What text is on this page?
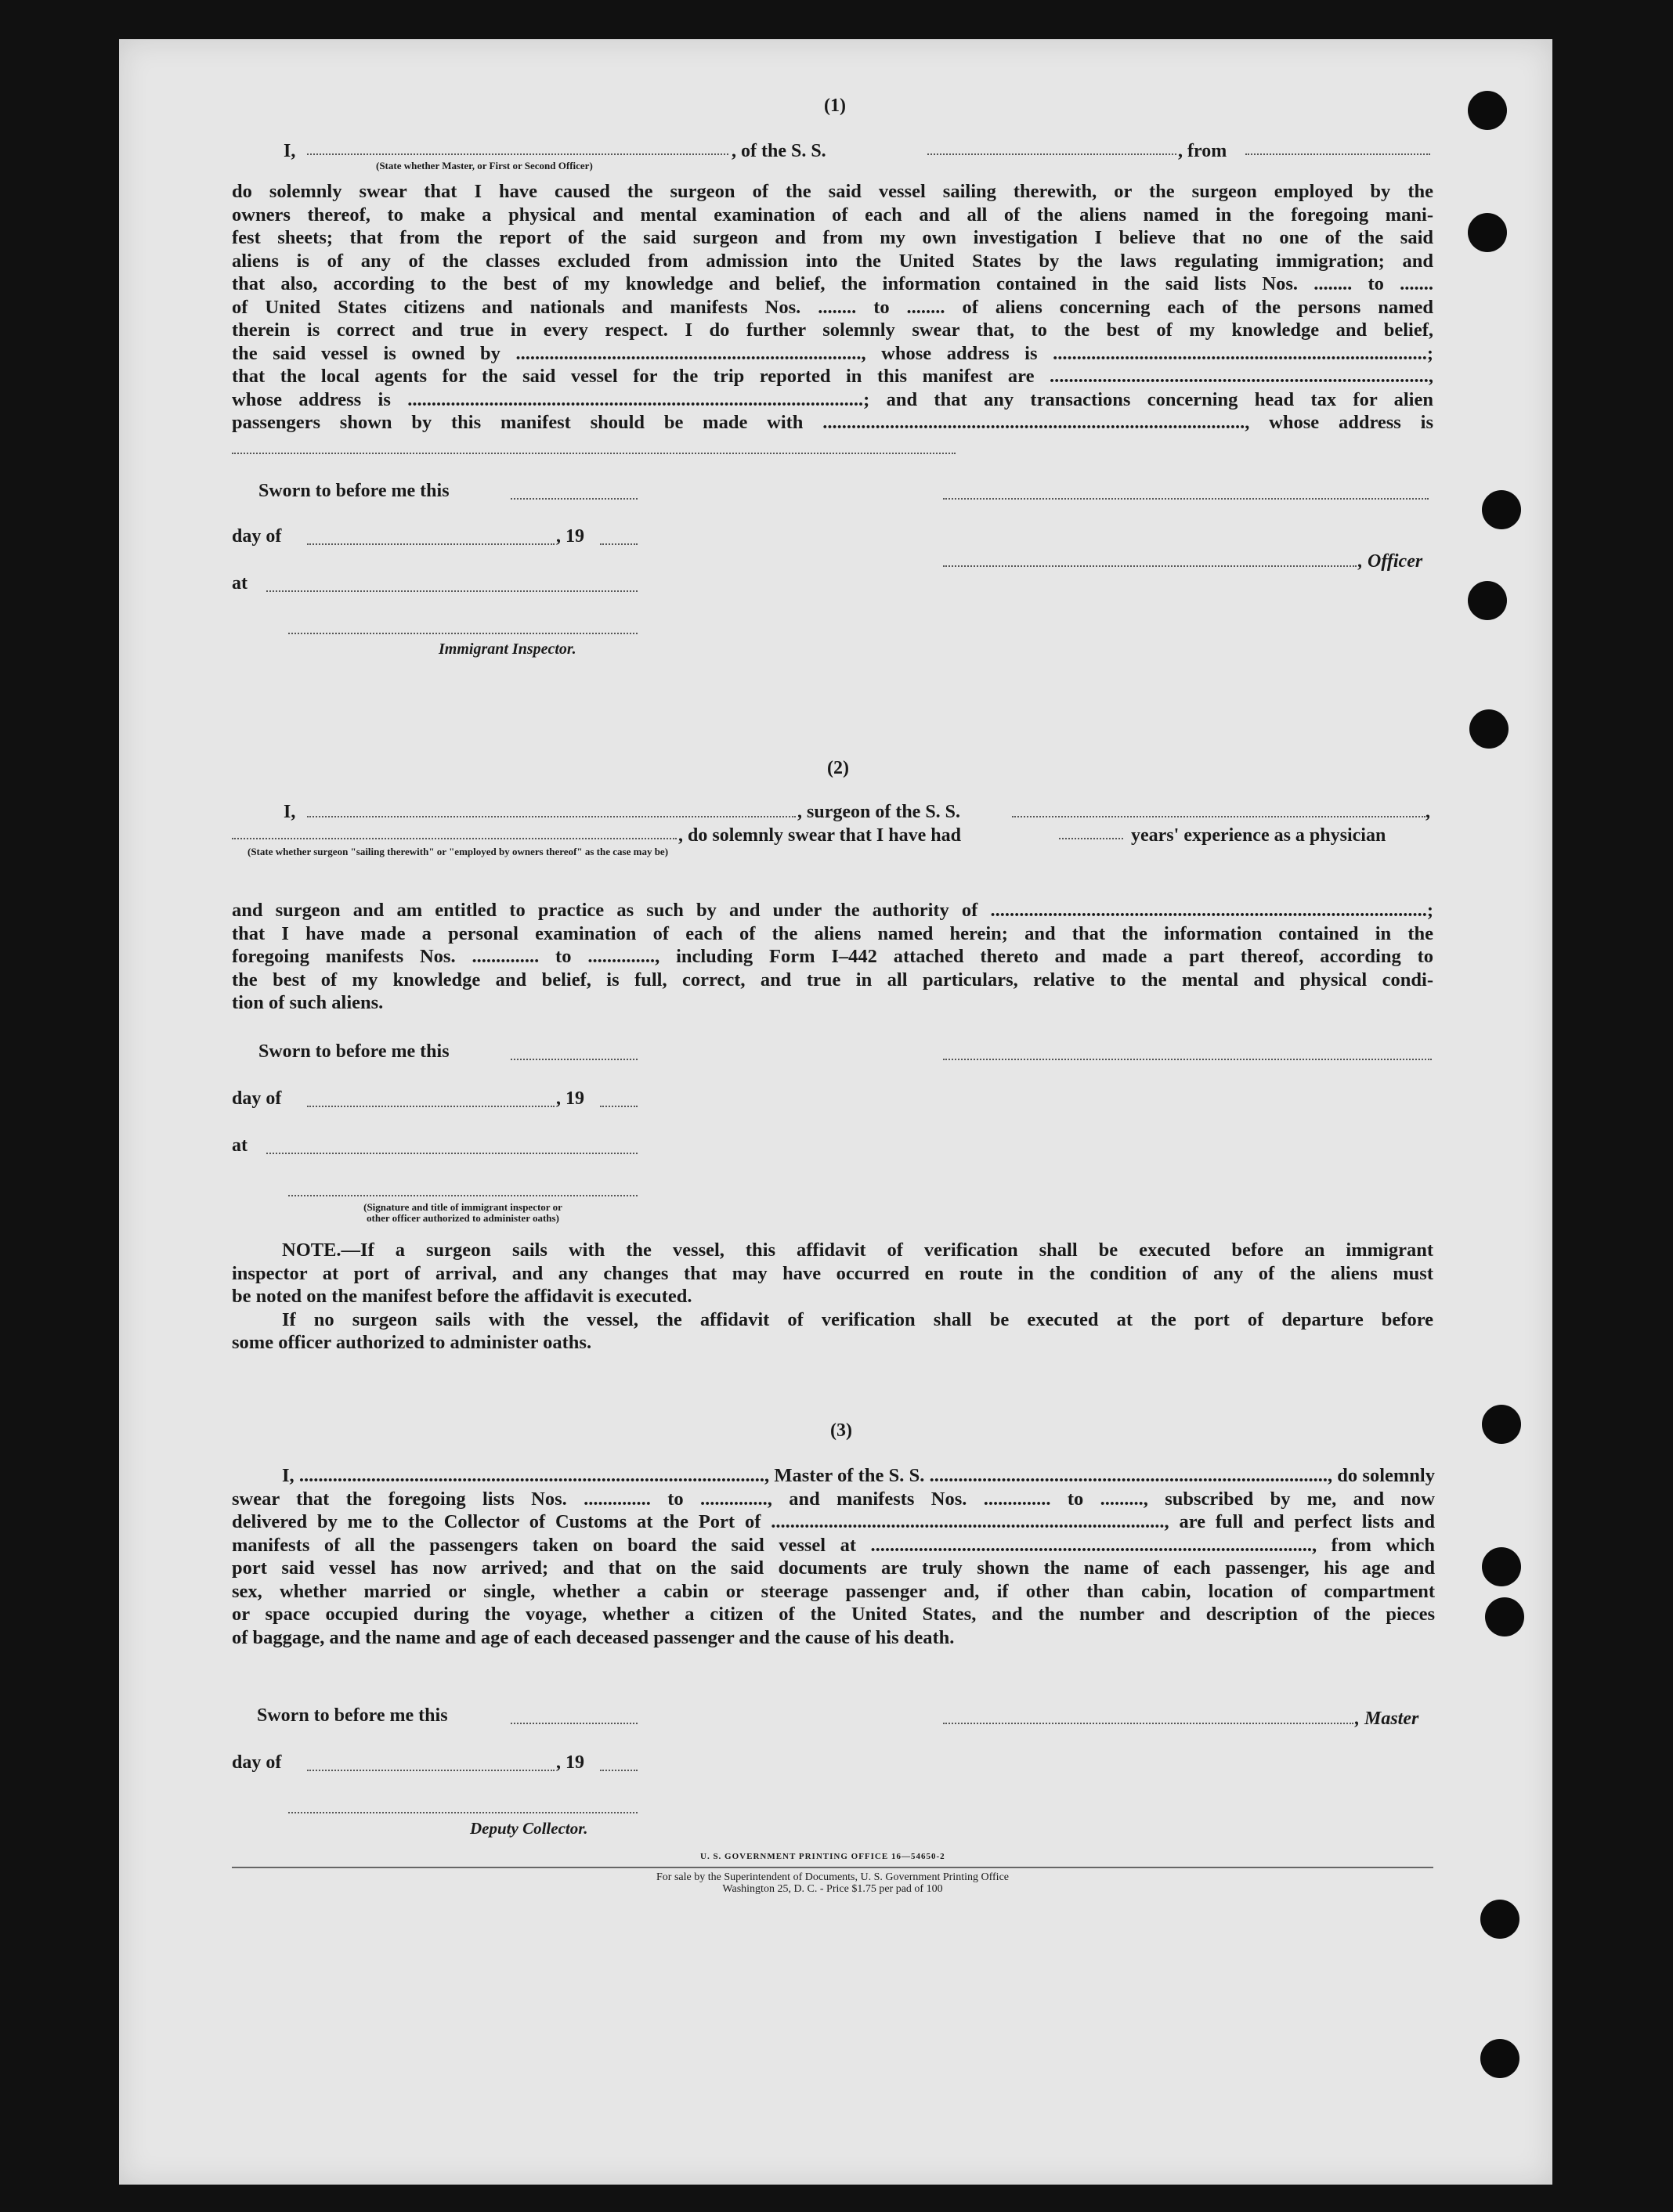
(1)
I,	, of the S. S.	, from
(State whether Master, or First or Second Officer)
do solemnly swear that I have caused the surgeon of the said vessel sailing therewith, or the surgeon employed by the
owners thereof, to make a physical and mental examination of each and all of the aliens named in the foregoing mani-
fest sheets; that from the report of the said surgeon and from my own investigation I believe that no one of the said
aliens is of any of the classes excluded from admission into the United States by the laws regulating immigration; and
that also, according to the best of my knowledge and belief, the information contained in the said lists Nos. ........ to .......
of United States citizens and nationals and manifests Nos. ........ to ........ of aliens concerning each of the persons named
therein is correct and true in every respect. I do further solemnly swear that, to the best of my knowledge and belief,
the said vessel is owned by ........................................................................, whose address is ..............................................................................;
that the local agents for the said vessel for the trip reported in this manifest are ...............................................................................,
whose address is ...............................................................................................; and that any transactions concerning head tax for alien
passengers shown by this manifest should be made with ........................................................................................, whose address is
Sworn to before me this
day of	, 19
, Officer
at
Immigrant Inspector.
(2)
I,	, surgeon of the S. S.	,
, do solemnly swear that I have had	years' experience as a physician
(State whether surgeon "sailing therewith" or "employed by owners thereof" as the case may be)
and surgeon and am entitled to practice as such by and under the authority of ...........................................................................................;
that I have made a personal examination of each of the aliens named herein; and that the information contained in the
foregoing manifests Nos. .............. to .............., including Form I–442 attached thereto and made a part thereof, according to
the best of my knowledge and belief, is full, correct, and true in all particulars, relative to the mental and physical condi-
tion of such aliens.
Sworn to before me this
day of	, 19
at
(Signature and title of immigrant inspector or
other officer authorized to administer oaths)
NOTE.—If a surgeon sails with the vessel, this affidavit of verification shall be executed before an immigrant
inspector at port of arrival, and any changes that may have occurred en route in the condition of any of the aliens must
be noted on the manifest before the affidavit is executed.
If no surgeon sails with the vessel, the affidavit of verification shall be executed at the port of departure before
some officer authorized to administer oaths.
(3)
I, ................................................................................................., Master of the S. S. ..................................................................................., do solemnly
swear that the foregoing lists Nos. .............. to .............., and manifests Nos. .............. to ........., subscribed by me, and now
delivered by me to the Collector of Customs at the Port of .................................................................................., are full and perfect lists and
manifests of all the passengers taken on board the said vessel at ............................................................................................, from which
port said vessel has now arrived; and that on the said documents are truly shown the name of each passenger, his age and
sex, whether married or single, whether a cabin or steerage passenger and, if other than cabin, location of compartment
or space occupied during the voyage, whether a citizen of the United States, and the number and description of the pieces
of baggage, and the name and age of each deceased passenger and the cause of his death.
Sworn to before me this	, Master
day of	, 19
Deputy Collector.
U. S. GOVERNMENT PRINTING OFFICE 16—54650-2
For sale by the Superintendent of Documents, U. S. Government Printing Office
Washington 25, D. C. - Price $1.75 per pad of 100
